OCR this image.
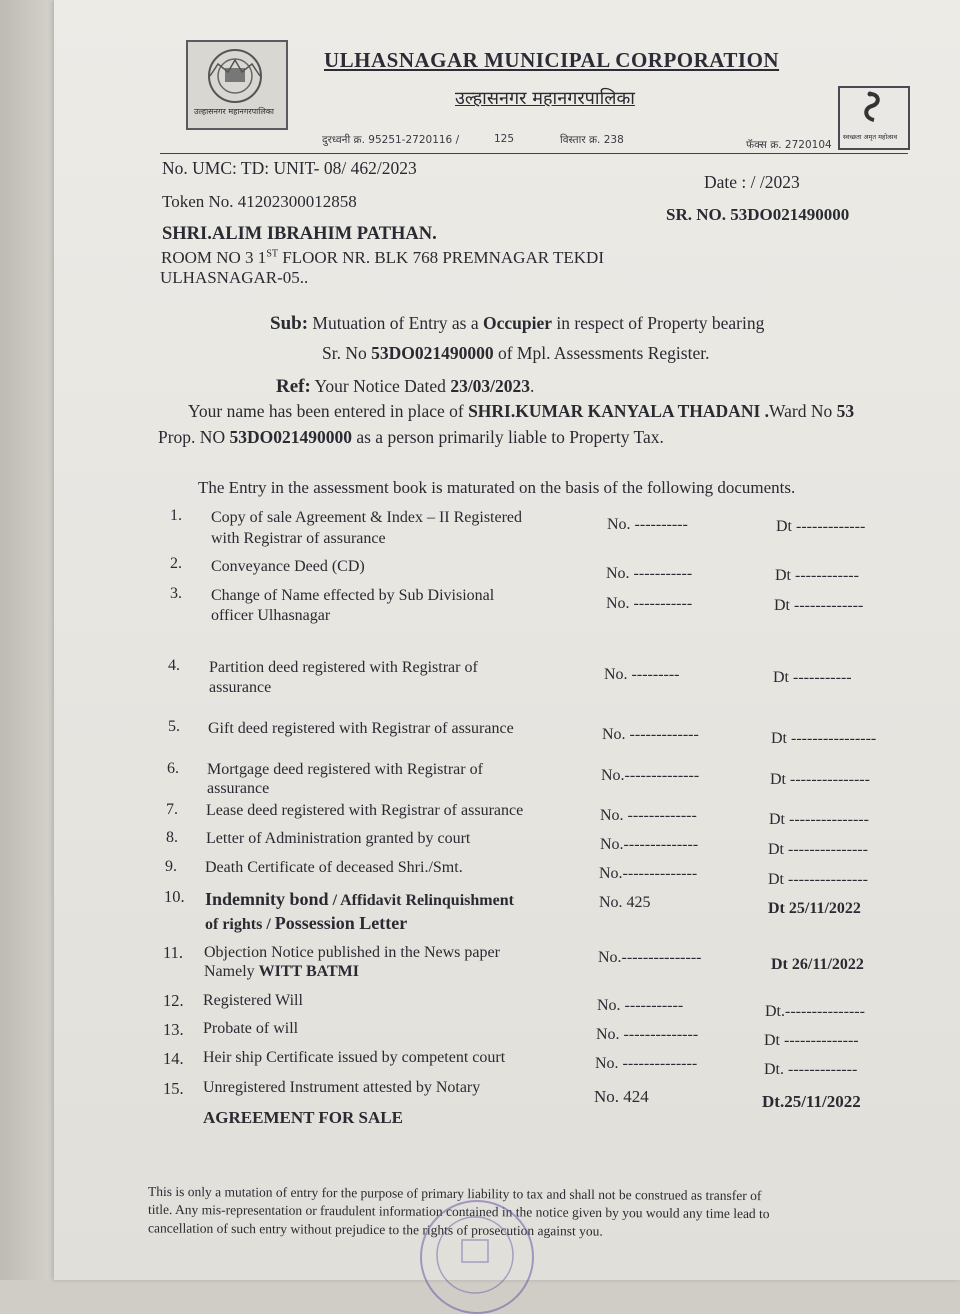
उल्हासनगर महानगरपालिका
ULHASNAGAR MUNICIPAL CORPORATION
उल्हासनगर महानगरपालिका
स्वच्छता अमृत महोत्सव
दुरध्वनी क्र. 95251-2720116 /	125	विस्तार क्र. 238	फॅक्स क्र. 2720104
No. UMC: TD: UNIT- 08/ 462/2023
Date : / /2023
Token No. 41202300012858
SR. NO. 53DO021490000
SHRI.ALIM IBRAHIM PATHAN.
ROOM NO 3 1ST FLOOR NR. BLK 768 PREMNAGAR TEKDI
ULHASNAGAR-05..
Sub: Mutuation of Entry as a Occupier in respect of Property bearing
Sr. No 53DO021490000 of Mpl. Assessments Register.
Ref: Your Notice Dated 23/03/2023.
Your name has been entered in place of SHRI.KUMAR KANYALA THADANI .Ward No 53
Prop. NO 53DO021490000 as a person primarily liable to Property Tax.
The Entry in the assessment book is maturated on the basis of the following documents.
1. Copy of sale Agreement & Index – II Registered
with Registrar of assurance
No. ----------	Dt -------------
2. Conveyance Deed (CD)	No. -----------	Dt ------------
3. Change of Name effected by Sub Divisional
officer Ulhasnagar
No. -----------	Dt -------------
4. Partition deed registered with Registrar of
assurance
No. ---------	Dt -----------
5. Gift deed registered with Registrar of assurance	No. -------------	Dt ----------------
6. Mortgage deed registered with Registrar of
assurance
No.--------------	Dt ---------------
7. Lease deed registered with Registrar of assurance	No. -------------	Dt ---------------
8. Letter of Administration granted by court	No.--------------	Dt ---------------
9. Death Certificate of deceased Shri./Smt.	No.--------------	Dt ---------------
10. Indemnity bond / Affidavit Relinquishment
of rights / Possession Letter
No. 425	Dt 25/11/2022
11. Objection Notice published in the News paper
Namely WITT BATMI
No.---------------	Dt 26/11/2022
12. Registered Will	No. -----------	Dt.---------------
13. Probate of will	No. --------------	Dt --------------
14. Heir ship Certificate issued by competent court	No. --------------	Dt. -------------
15. Unregistered Instrument attested by Notary
AGREEMENT FOR SALE
No. 424	Dt.25/11/2022
This is only a mutation of entry for the purpose of primary liability to tax and shall not be construed as transfer of
title. Any mis-representation or fraudulent information contained in the notice given by you would any time lead to
cancellation of such entry without prejudice to the rights of prosecution against you.
